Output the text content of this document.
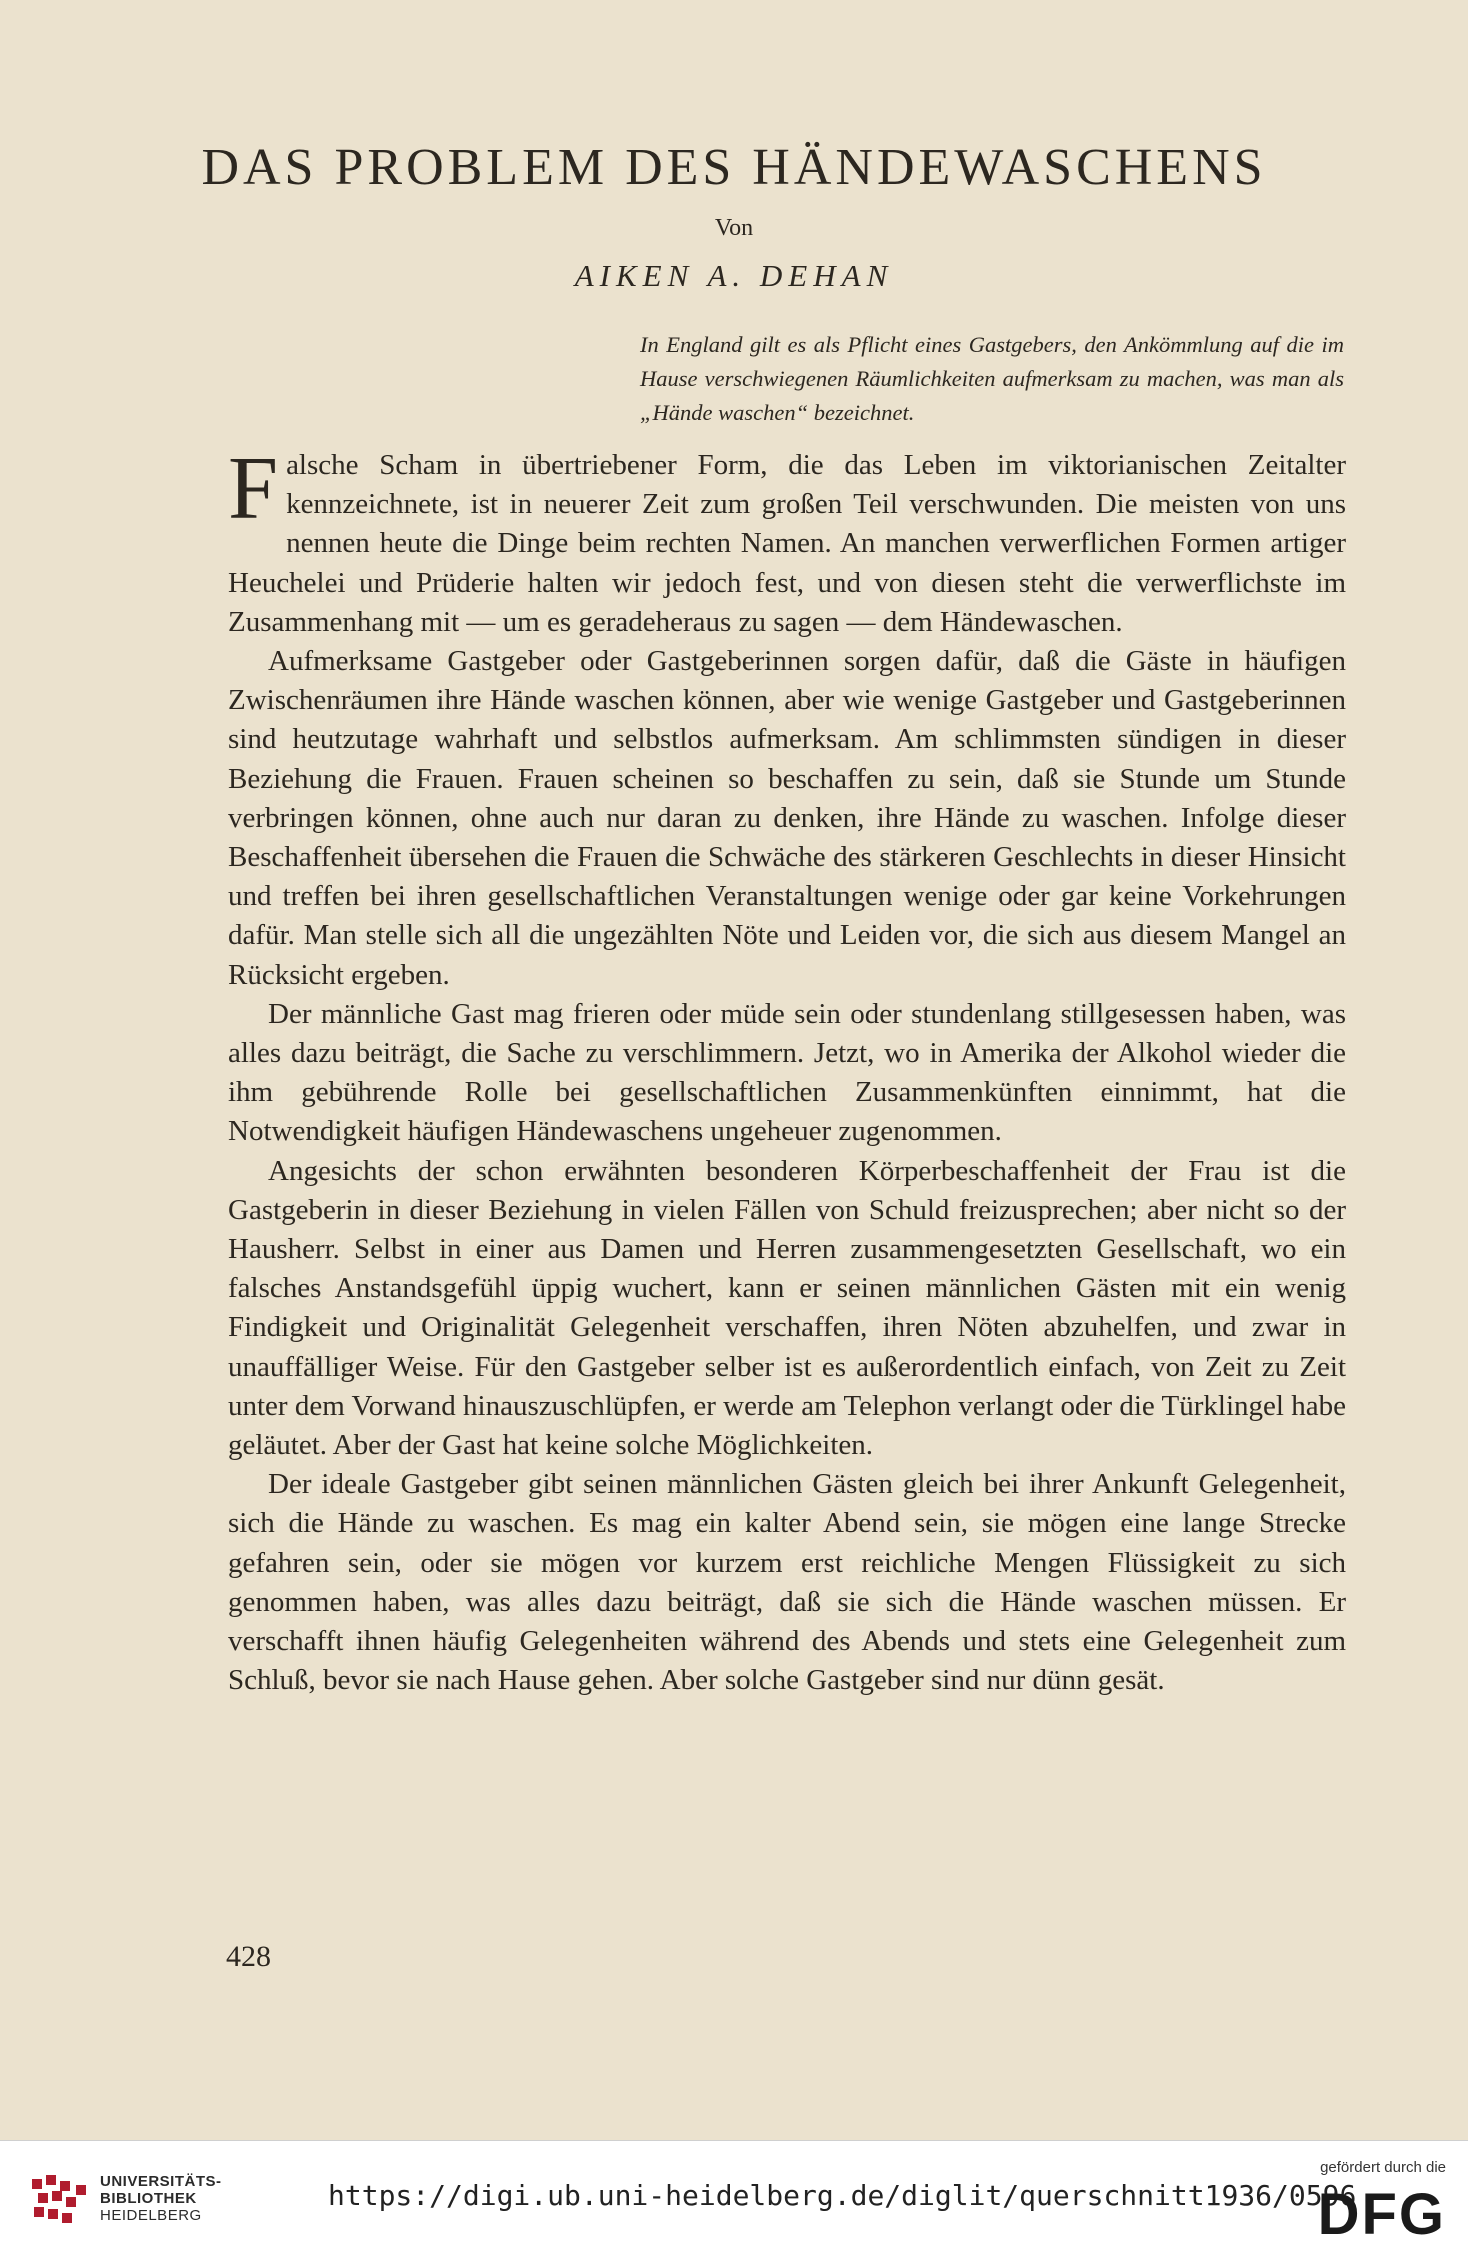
DAS PROBLEM DES HÄNDEWASCHENS
Von
AIKEN A. DEHAN
In England gilt es als Pflicht eines Gastgebers, den Ankömmlung auf die im Hause verschwiegenen Räumlichkeiten aufmerksam zu machen, was man als „Hände waschen“ bezeichnet.

Falsche Scham in übertriebener Form, die das Leben im viktorianischen Zeitalter kennzeichnete, ist in neuerer Zeit zum großen Teil verschwunden. Die meisten von uns nennen heute die Dinge beim rechten Namen. An manchen verwerflichen Formen artiger Heuchelei und Prüderie halten wir jedoch fest, und von diesen steht die verwerflichste im Zusammenhang mit — um es geradeheraus zu sagen — dem Händewaschen.

Aufmerksame Gastgeber oder Gastgeberinnen sorgen dafür, daß die Gäste in häufigen Zwischenräumen ihre Hände waschen können, aber wie wenige Gastgeber und Gastgeberinnen sind heutzutage wahrhaft und selbstlos aufmerksam. Am schlimmsten sündigen in dieser Beziehung die Frauen. Frauen scheinen so beschaffen zu sein, daß sie Stunde um Stunde verbringen können, ohne auch nur daran zu denken, ihre Hände zu waschen. Infolge dieser Beschaffenheit übersehen die Frauen die Schwäche des stärkeren Geschlechts in dieser Hinsicht und treffen bei ihren gesellschaftlichen Veranstaltungen wenige oder gar keine Vorkehrungen dafür. Man stelle sich all die ungezählten Nöte und Leiden vor, die sich aus diesem Mangel an Rücksicht ergeben.

Der männliche Gast mag frieren oder müde sein oder stundenlang stillgesessen haben, was alles dazu beiträgt, die Sache zu verschlimmern. Jetzt, wo in Amerika der Alkohol wieder die ihm gebührende Rolle bei gesellschaftlichen Zusammenkünften einnimmt, hat die Notwendigkeit häufigen Händewaschens ungeheuer zugenommen.

Angesichts der schon erwähnten besonderen Körperbeschaffenheit der Frau ist die Gastgeberin in dieser Beziehung in vielen Fällen von Schuld freizusprechen; aber nicht so der Hausherr. Selbst in einer aus Damen und Herren zusammengesetzten Gesellschaft, wo ein falsches Anstandsgefühl üppig wuchert, kann er seinen männlichen Gästen mit ein wenig Findigkeit und Originalität Gelegenheit verschaffen, ihren Nöten abzuhelfen, und zwar in unauffälliger Weise. Für den Gastgeber selber ist es außerordentlich einfach, von Zeit zu Zeit unter dem Vorwand hinauszuschlüpfen, er werde am Telephon verlangt oder die Türklingel habe geläutet. Aber der Gast hat keine solche Möglichkeiten.

Der ideale Gastgeber gibt seinen männlichen Gästen gleich bei ihrer Ankunft Gelegenheit, sich die Hände zu waschen. Es mag ein kalter Abend sein, sie mögen eine lange Strecke gefahren sein, oder sie mögen vor kurzem erst reichliche Mengen Flüssigkeit zu sich genommen haben, was alles dazu beiträgt, daß sie sich die Hände waschen müssen. Er verschafft ihnen häufig Gelegenheiten während des Abends und stets eine Gelegenheit zum Schluß, bevor sie nach Hause gehen. Aber solche Gastgeber sind nur dünn gesät.

428
UNIVERSITÄTS-
BIBLIOTHEK
HEIDELBERG
https://digi.ub.uni-heidelberg.de/diglit/querschnitt1936/0596
gefördert durch die
DFG
